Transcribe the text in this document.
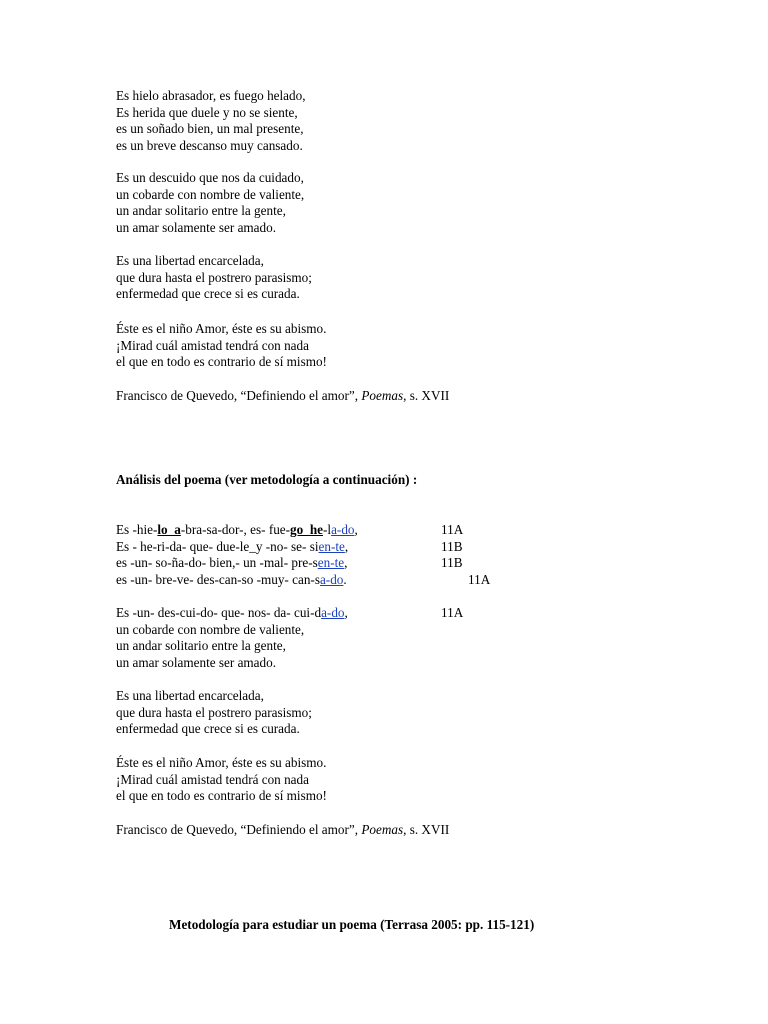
Es hielo abrasador, es fuego helado,
Es herida que duele y no se siente,
es un soñado bien, un mal presente,
es un breve descanso muy cansado.
Es un descuido que nos da cuidado,
un cobarde con nombre de valiente,
un andar solitario entre la gente,
un amar solamente ser amado.
Es una libertad encarcelada,
que dura hasta el postrero parasismo;
enfermedad que crece si es curada.
Éste es el niño Amor, éste es su abismo.
¡Mirad cuál amistad tendrá con nada
el que en todo es contrario de sí mismo!
Francisco de Quevedo, “Definiendo el amor”, Poemas, s. XVII
Análisis del poema (ver metodología a continuación) :
Es -hie-lo_a-bra-sa-dor-, es- fue-go_he-la-do,
Es - he-ri-da- que- due-le_y -no- se- sien-te,
es -un- so-ña-do- bien,- un -mal- pre-sen-te,
es -un- bre-ve- des-can-so -muy- can-sa-do.
11A
11B
11B
11A
Es -un- des-cui-do- que- nos- da- cui-da-do,
un cobarde con nombre de valiente,
un andar solitario entre la gente,
un amar solamente ser amado.
11A
Es una libertad encarcelada,
que dura hasta el postrero parasismo;
enfermedad que crece si es curada.
Éste es el niño Amor, éste es su abismo.
¡Mirad cuál amistad tendrá con nada
el que en todo es contrario de sí mismo!
Francisco de Quevedo, “Definiendo el amor”, Poemas, s. XVII
Metodología para estudiar un poema (Terrasa 2005: pp. 115-121)
